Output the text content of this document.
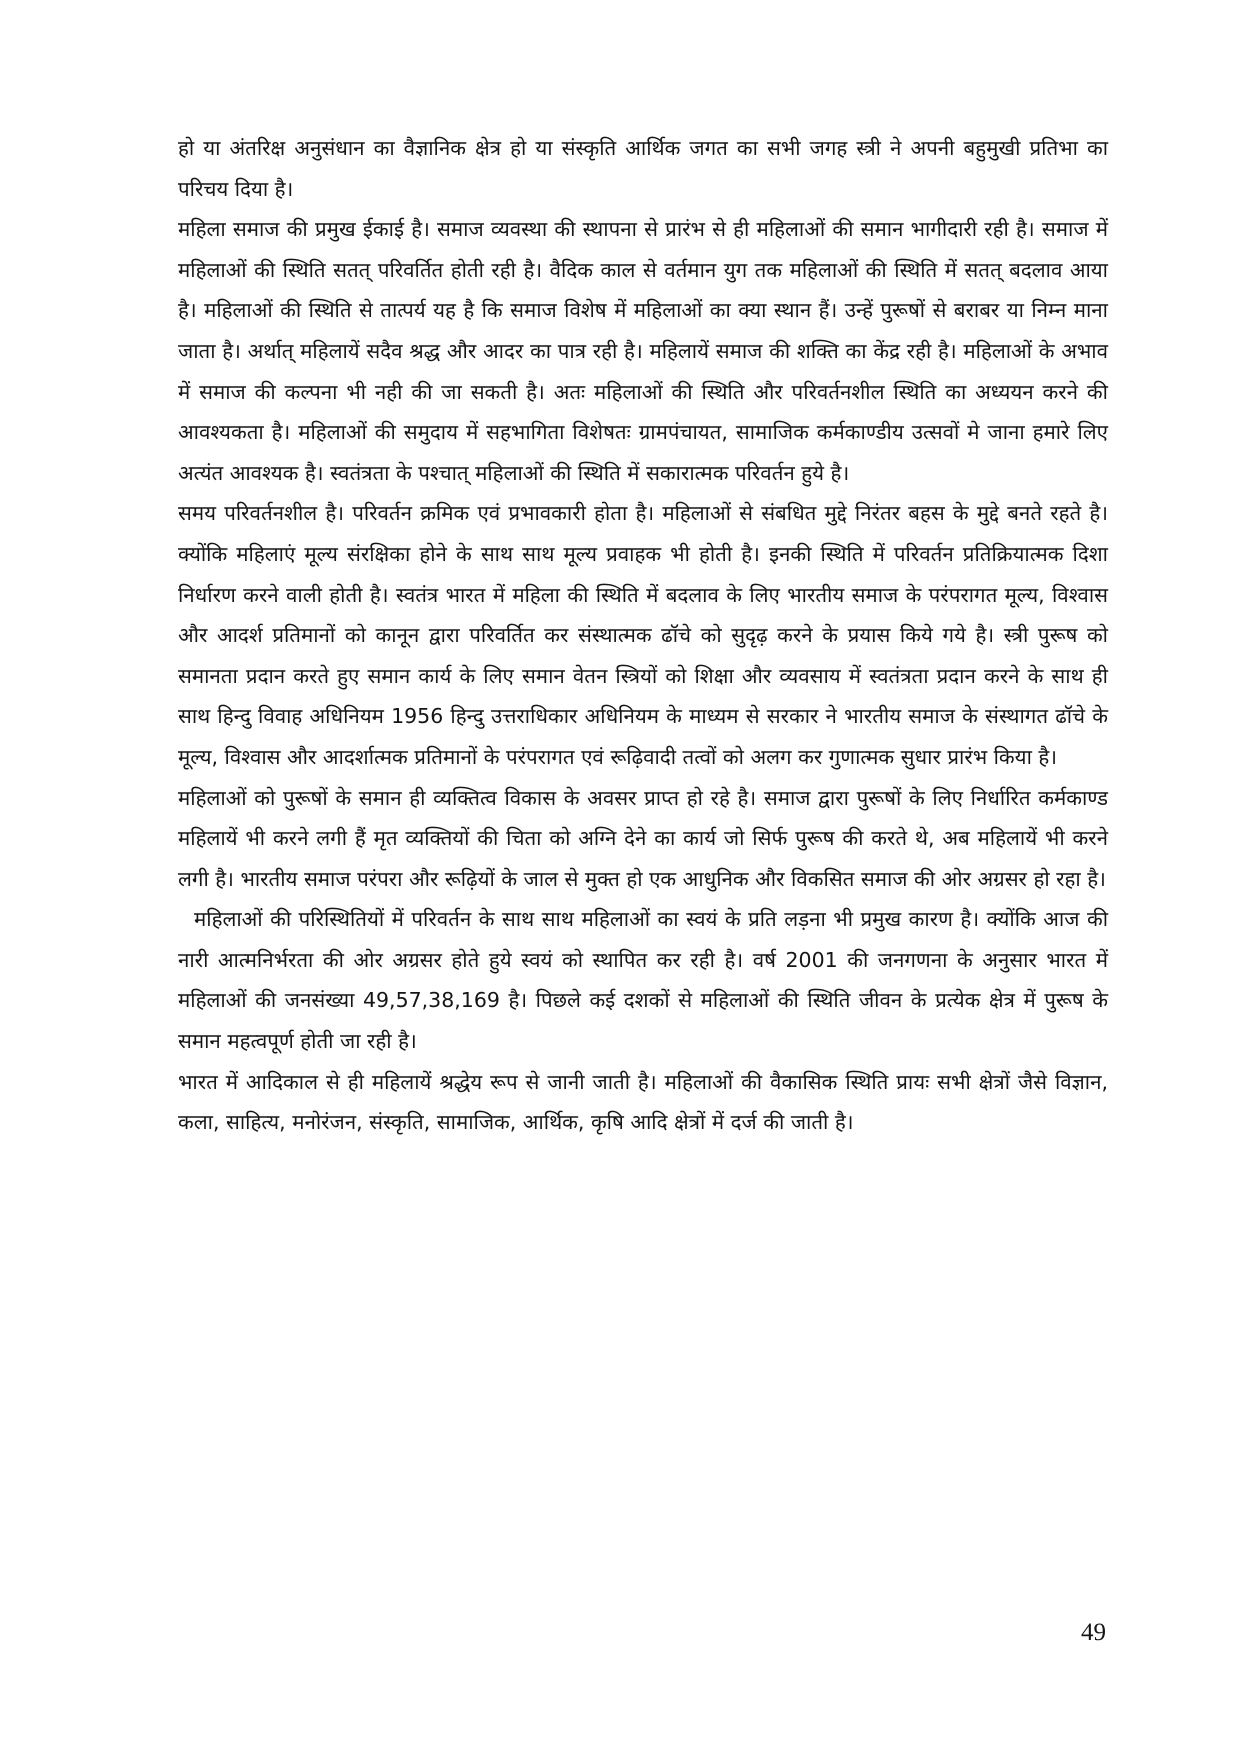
हो या अंतरिक्ष अनुसंधान का वैज्ञानिक क्षेत्र हो या संस्कृति आर्थिक जगत का सभी जगह स्त्री ने अपनी बहुमुखी प्रतिभा का परिचय दिया है।

महिला समाज की प्रमुख ईकाई है। समाज व्यवस्था की स्थापना से प्रारंभ से ही महिलाओं की समान भागीदारी रही है। समाज में महिलाओं की स्थिति सतत् परिवर्तित होती रही है। वैदिक काल से वर्तमान युग तक महिलाओं की स्थिति में सतत् बदलाव आया है। महिलाओं की स्थिति से तात्पर्य यह है कि समाज विशेष में महिलाओं का क्या स्थान हैं। उन्हें पुरूषों से बराबर या निम्न माना जाता है। अर्थात् महिलायें सदैव श्रद्ध और आदर का पात्र रही है। महिलायें समाज की शक्ति का केंद्र रही है। महिलाओं के अभाव में समाज की कल्पना भी नही की जा सकती है। अतः महिलाओं की स्थिति और परिवर्तनशील स्थिति का अध्ययन करने की आवश्यकता है। महिलाओं की समुदाय में सहभागिता विशेषतः ग्रामपंचायत, सामाजिक कर्मकाण्डीय उत्सवों मे जाना हमारे लिए अत्यंत आवश्यक है। स्वतंत्रता के पश्चात् महिलाओं की स्थिति में सकारात्मक परिवर्तन हुये है।

समय परिवर्तनशील है। परिवर्तन क्रमिक एवं प्रभावकारी होता है। महिलाओं से संबधित मुद्दे निरंतर बहस के मुद्दे बनते रहते है। क्योंकि महिलाएं मूल्य संरक्षिका होने के साथ साथ मूल्य प्रवाहक भी होती है। इनकी स्थिति में परिवर्तन प्रतिक्रियात्मक दिशा निर्धारण करने वाली होती है। स्वतंत्र भारत में महिला की स्थिति में बदलाव के लिए भारतीय समाज के परंपरागत मूल्य, विश्वास और आदर्श प्रतिमानों को कानून द्वारा परिवर्तित कर संस्थात्मक ढॉचे को सुदृढ़ करने के प्रयास किये गये है। स्त्री पुरूष को समानता प्रदान करते हुए समान कार्य के लिए समान वेतन स्त्रियों को शिक्षा और व्यवसाय में स्वतंत्रता प्रदान करने के साथ ही साथ हिन्दु विवाह अधिनियम 1956 हिन्दु उत्तराधिकार अधिनियम के माध्यम से सरकार ने भारतीय समाज के संस्थागत ढॉचे के मूल्य, विश्वास और आदर्शात्मक प्रतिमानों के परंपरागत एवं रूढ़िवादी तत्वों को अलग कर गुणात्मक सुधार प्रारंभ किया है।

महिलाओं को पुरूषों के समान ही व्यक्तित्व विकास के अवसर प्राप्त हो रहे है। समाज द्वारा पुरूषों के लिए निर्धारित कर्मकाण्ड महिलायें भी करने लगी हैं मृत व्यक्तियों की चिता को अग्नि देने का कार्य जो सिर्फ पुरूष की करते थे, अब महिलायें भी करने लगी है। भारतीय समाज परंपरा और रूढ़ियों के जाल से मुक्त हो एक आधुनिक और विकसित समाज की ओर अग्रसर हो रहा है।

महिलाओं की परिस्थितियों में परिवर्तन के साथ साथ महिलाओं का स्वयं के प्रति लड़ना भी प्रमुख कारण है। क्योंकि आज की नारी आत्मनिर्भरता की ओर अग्रसर होते हुये स्वयं को स्थापित कर रही है। वर्ष 2001 की जनगणना के अनुसार भारत में महिलाओं की जनसंख्या 49,57,38,169 है। पिछले कई दशकों से महिलाओं की स्थिति जीवन के प्रत्येक क्षेत्र में पुरूष के समान महत्वपूर्ण होती जा रही है।

भारत में आदिकाल से ही महिलायें श्रद्धेय रूप से जानी जाती है। महिलाओं की वैकासिक स्थिति प्रायः सभी क्षेत्रों जैसे विज्ञान, कला, साहित्य, मनोरंजन, संस्कृति, सामाजिक, आर्थिक, कृषि आदि क्षेत्रों में दर्ज की जाती है।

49
